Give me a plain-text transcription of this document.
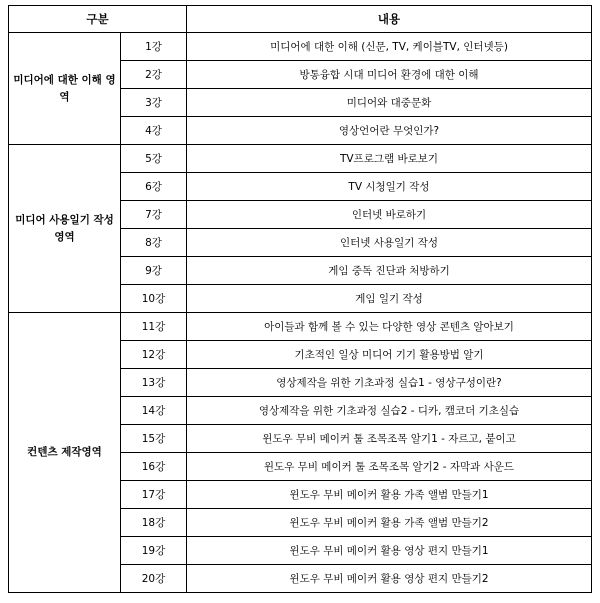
구분		내용
미디어에 대한 이해 영역	1강	미디어에 대한 이해 (신문, TV, 케이블TV, 인터넷등)
	2강	방통융합 시대 미디어 환경에 대한 이해
	3강	미디어와 대중문화
	4강	영상언어란 무엇인가?
미디어 사용일기 작성 영역	5강	TV프로그램 바로보기
	6강	TV 시청일기 작성
	7강	인터넷 바로하기
	8강	인터넷 사용일기 작성
	9강	게임 중독 진단과 처방하기
	10강	게임 일기 작성
컨텐츠 제작영역	11강	아이들과 함께 볼 수 있는 다양한 영상 콘텐츠 알아보기
	12강	기초적인 일상 미디어 기기 활용방법 알기
	13강	영상제작을 위한 기초과정 실습1 - 영상구성이란?
	14강	영상제작을 위한 기초과정 실습2 - 디카, 캠코더 기초실습
	15강	윈도우 무비 메이커 툴 조목조목 알기1 - 자르고, 붙이고
	16강	윈도우 무비 메이커 툴 조목조목 알기2 - 자막과 사운드
	17강	윈도우 무비 메이커 활용 가족 앨범 만들기1
	18강	윈도우 무비 메이커 활용 가족 앨범 만들기2
	19강	윈도우 무비 메이커 활용 영상 편지 만들기1
	20강	윈도우 무비 메이커 활용 영상 편지 만들기2
